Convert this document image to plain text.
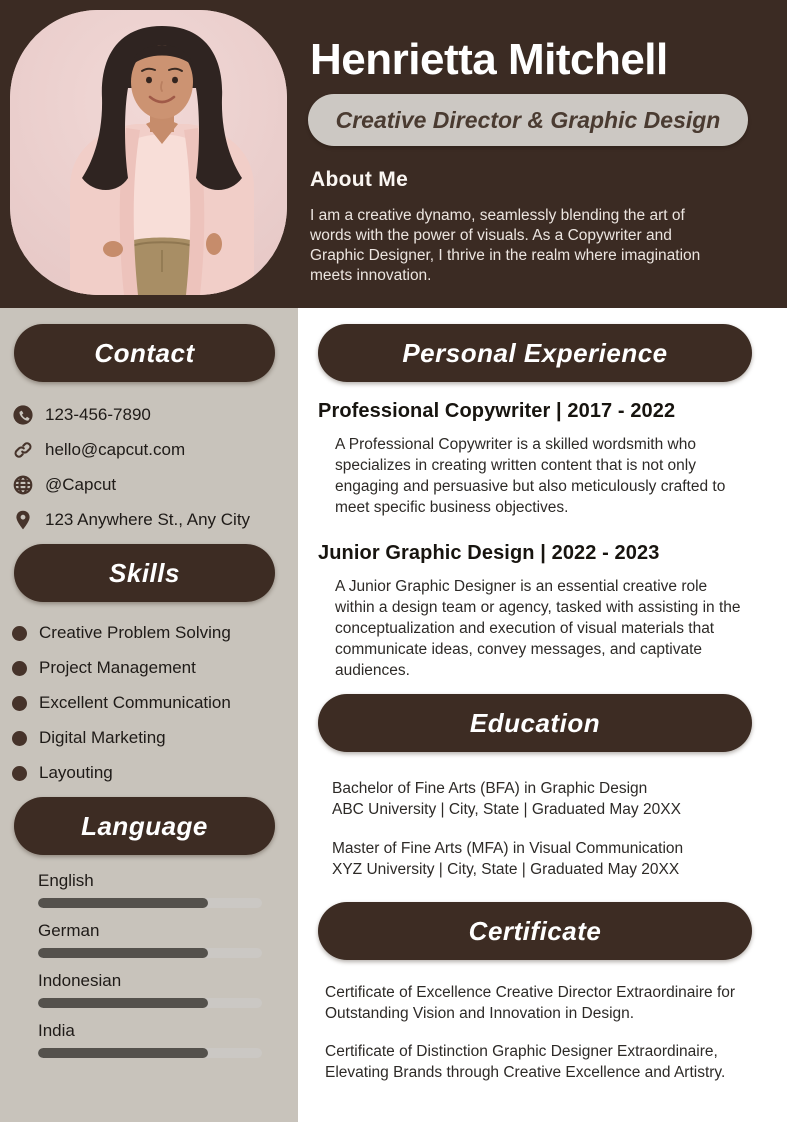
Henrietta Mitchell
Creative Director & Graphic Design
About Me
I am a creative dynamo, seamlessly blending the art of words with the power of visuals. As a Copywriter and Graphic Designer, I thrive in the realm where imagination meets innovation.
Contact
123-456-7890
hello@capcut.com
@Capcut
123 Anywhere St., Any City
Skills
Creative Problem Solving
Project Management
Excellent Communication
Digital Marketing
Layouting
Language
English
German
Indonesian
India
Personal Experience
Professional Copywriter | 2017 - 2022
A Professional Copywriter is a skilled wordsmith who specializes in creating written content that is not only engaging and persuasive but also meticulously crafted to meet specific business objectives.
Junior Graphic Design | 2022 - 2023
A Junior Graphic Designer is an essential creative role within a design team or agency, tasked with assisting in the conceptualization and execution of visual materials that communicate ideas, convey messages, and captivate audiences.
Education
Bachelor of Fine Arts (BFA) in Graphic Design
ABC University | City, State | Graduated May 20XX
Master of Fine Arts (MFA) in Visual Communication
XYZ University | City, State | Graduated May 20XX
Certificate
Certificate of Excellence Creative Director Extraordinaire for Outstanding Vision and Innovation in Design.
Certificate of Distinction Graphic Designer Extraordinaire, Elevating Brands through Creative Excellence and Artistry.
